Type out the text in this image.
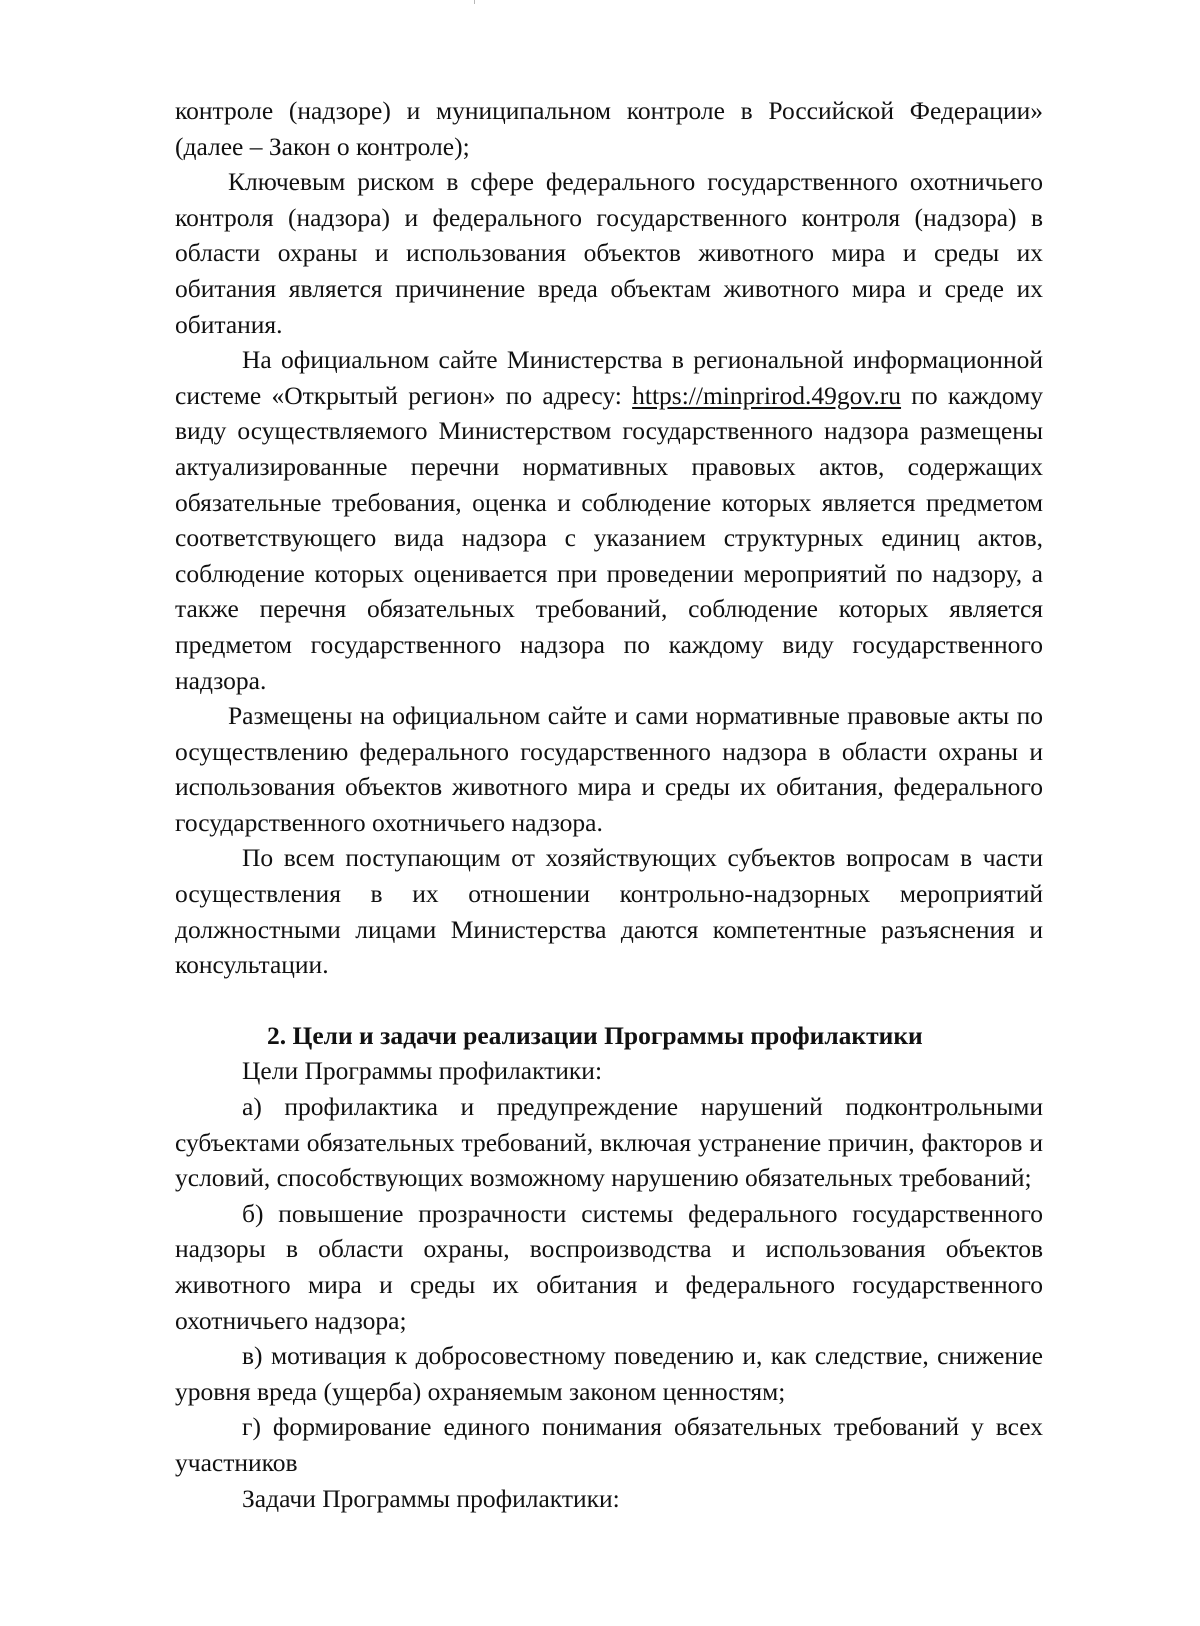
контроле (надзоре) и муниципальном контроле в Российской Федерации» (далее – Закон о контроле);

Ключевым риском в сфере федерального государственного охотничьего контроля (надзора) и федерального государственного контроля (надзора) в области охраны и использования объектов животного мира и среды их обитания является причинение вреда объектам животного мира и среде их обитания.

На официальном сайте Министерства в региональной информационной системе «Открытый регион» по адресу: https://minprirod.49gov.ru по каждому виду осуществляемого Министерством государственного надзора размещены актуализированные перечни нормативных правовых актов, содержащих обязательные требования, оценка и соблюдение которых является предметом соответствующего вида надзора с указанием структурных единиц актов, соблюдение которых оценивается при проведении мероприятий по надзору, а также перечня обязательных требований, соблюдение которых является предметом государственного надзора по каждому виду государственного надзора.

Размещены на официальном сайте и сами нормативные правовые акты по осуществлению федерального государственного надзора в области охраны и использования объектов животного мира и среды их обитания, федерального государственного охотничьего надзора.

По всем поступающим от хозяйствующих субъектов вопросам в части осуществления в их отношении контрольно-надзорных мероприятий должностными лицами Министерства даются компетентные разъяснения и консультации.

2. Цели и задачи реализации Программы профилактики

Цели Программы профилактики:

а) профилактика и предупреждение нарушений подконтрольными субъектами обязательных требований, включая устранение причин, факторов и условий, способствующих возможному нарушению обязательных требований;

б) повышение прозрачности системы федерального государственного надзоры в области охраны, воспроизводства и использования объектов животного мира и среды их обитания и федерального государственного охотничьего надзора;

в) мотивация к добросовестному поведению и, как следствие, снижение уровня вреда (ущерба) охраняемым законом ценностям;

г) формирование единого понимания обязательных требований у всех участников

Задачи Программы профилактики:
